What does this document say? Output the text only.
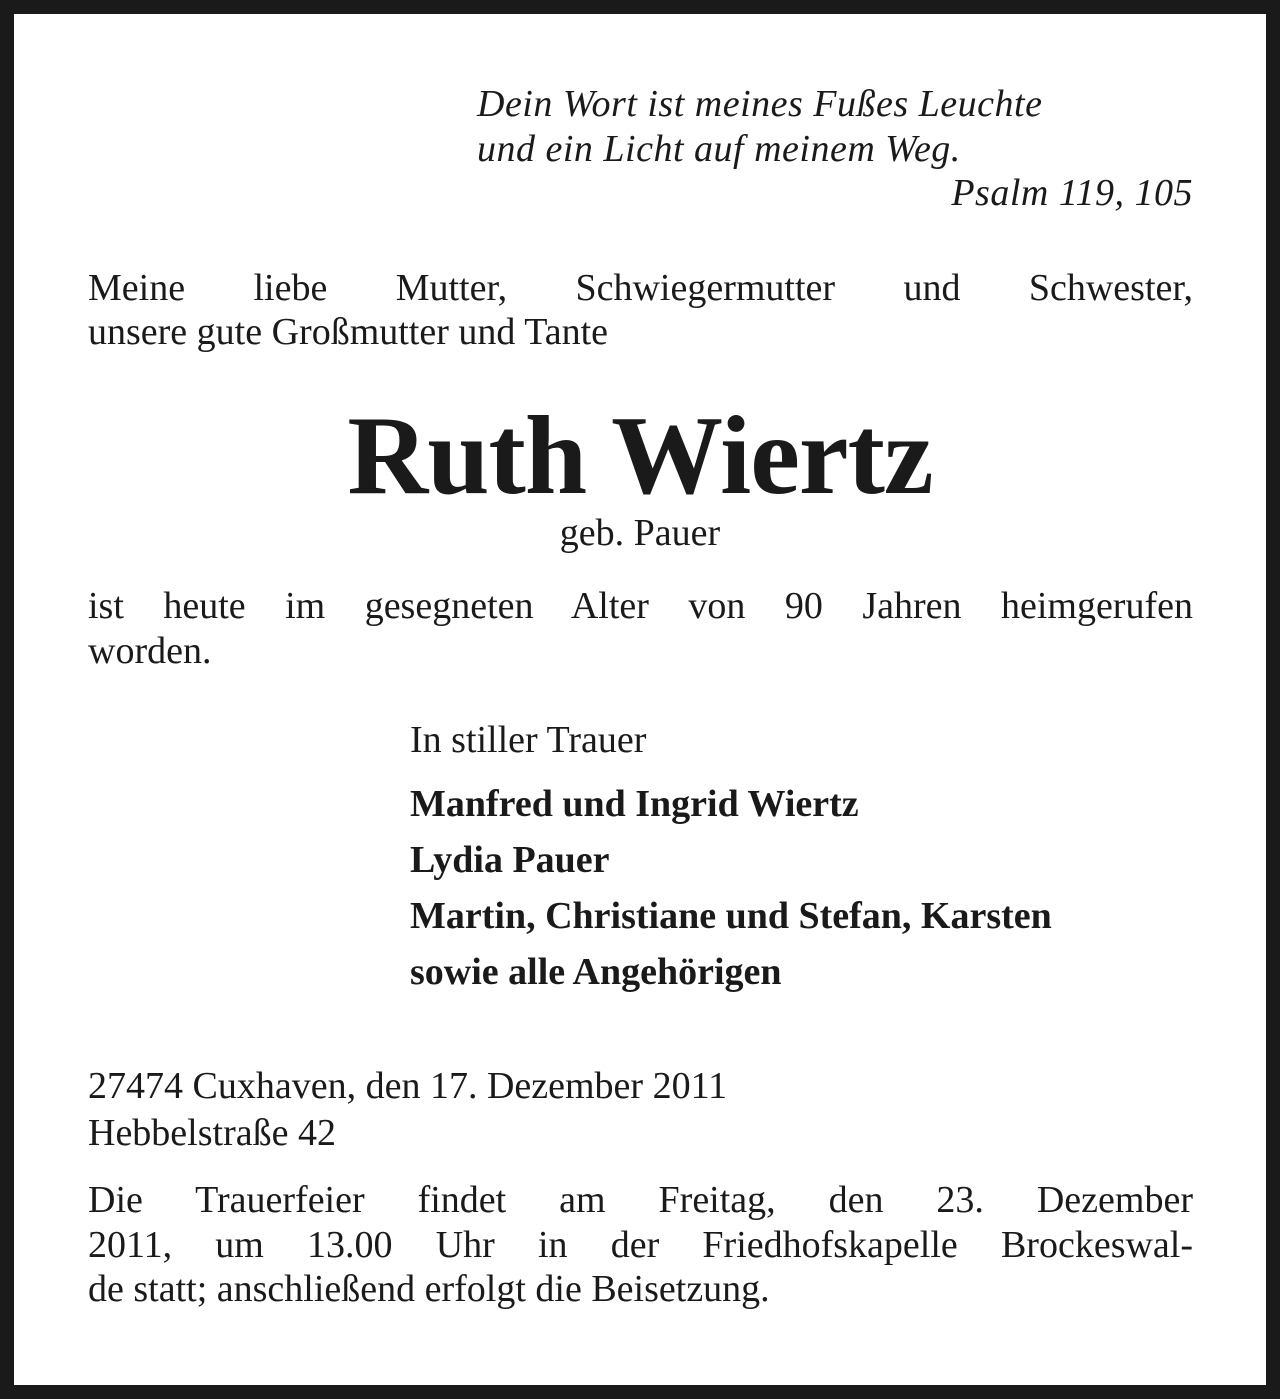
Dein Wort ist meines Fußes Leuchte
und ein Licht auf meinem Weg.
Psalm 119, 105
Meine liebe Mutter, Schwiegermutter und Schwester,
unsere gute Großmutter und Tante
Ruth Wiertz
geb. Pauer
ist heute im gesegneten Alter von 90 Jahren heimgerufen
worden.
In stiller Trauer
Manfred und Ingrid Wiertz
Lydia Pauer
Martin, Christiane und Stefan, Karsten
sowie alle Angehörigen
27474 Cuxhaven, den 17. Dezember 2011
Hebbelstraße 42
Die Trauerfeier findet am Freitag, den 23. Dezember
2011, um 13.00 Uhr in der Friedhofskapelle Brockeswal-
de statt; anschließend erfolgt die Beisetzung.
